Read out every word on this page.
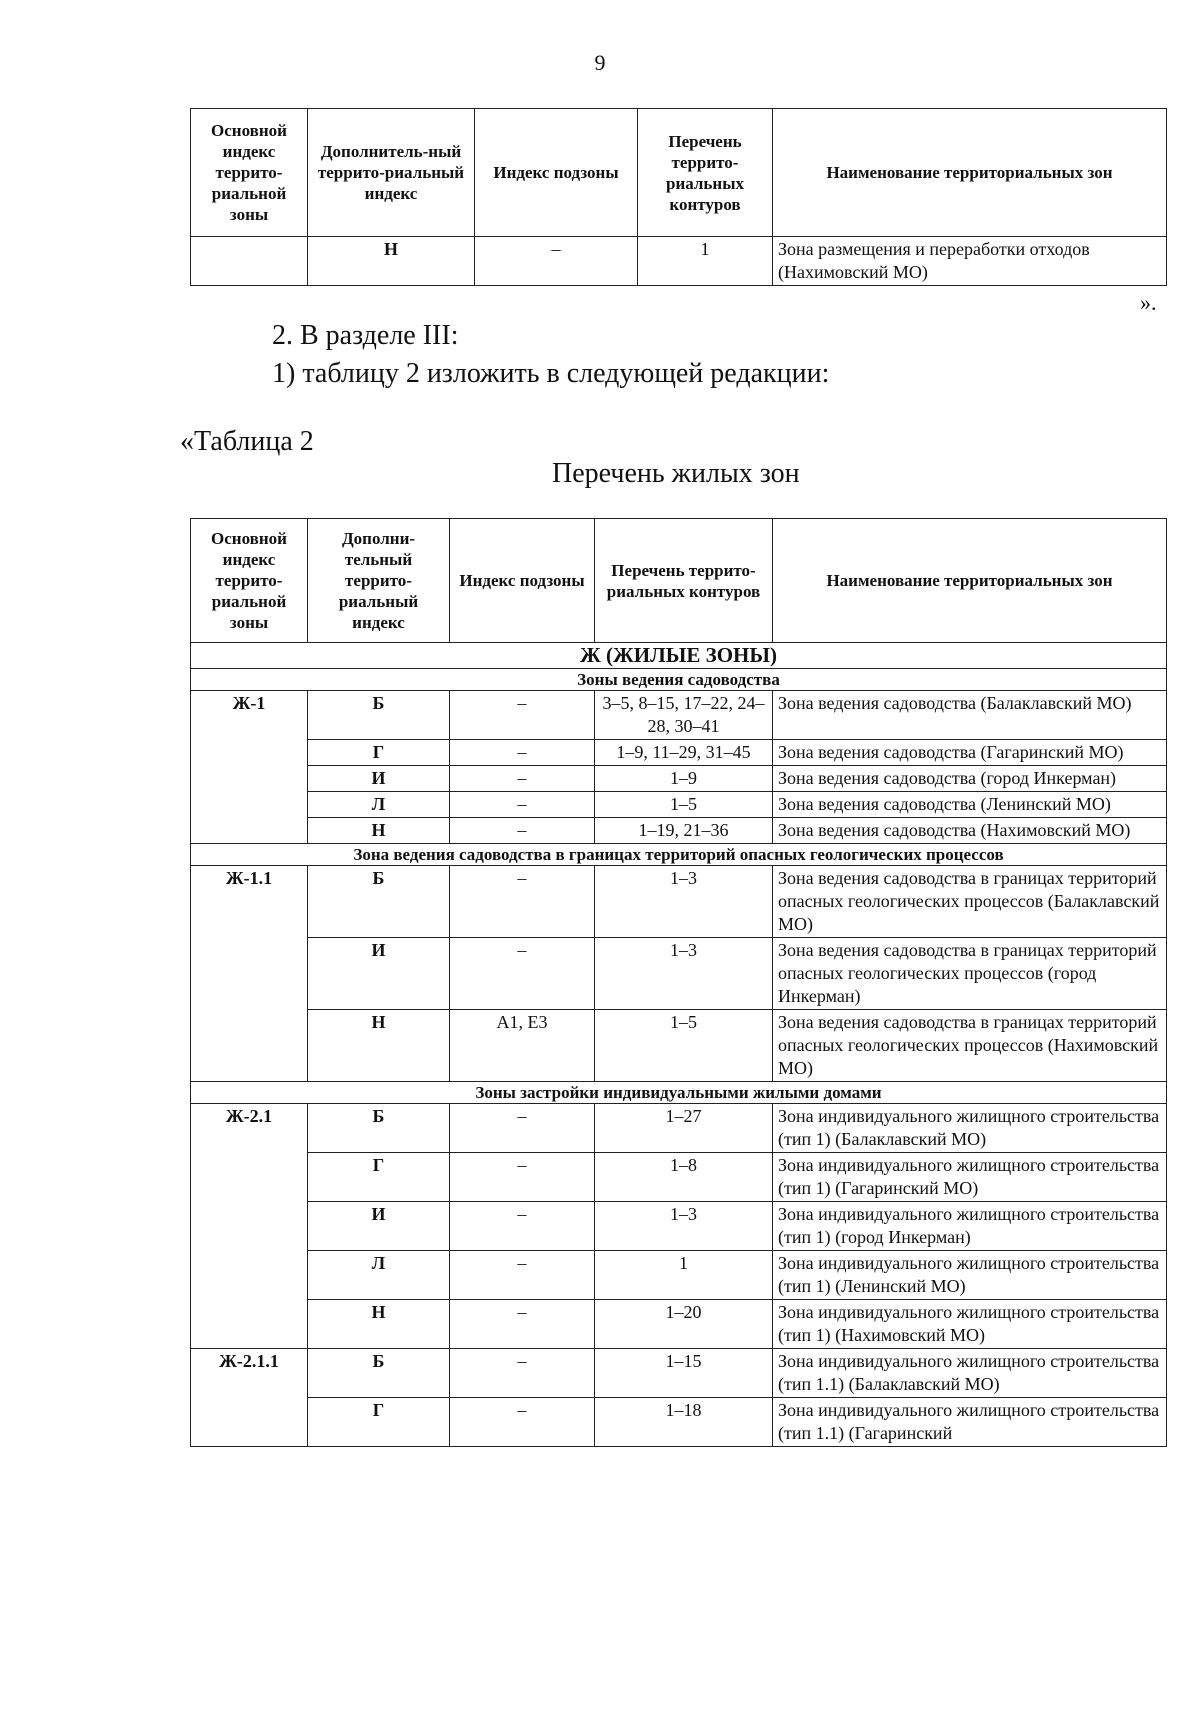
9
Основной индекс террито-риальной зоны	Дополнитель-ный террито-риальный индекс	Индекс подзоны	Перечень террито-риальных контуров	Наименование территориальных зон
	Н	–	1	Зона размещения и переработки отходов (Нахимовский МО)
».
2. В разделе III:
1) таблицу 2 изложить в следующей редакции:
«Таблица 2
Перечень жилых зон
Основной индекс террито-риальной зоны	Дополни-тельный террито-риальный индекс	Индекс подзоны	Перечень террито-риальных контуров	Наименование территориальных зон
Ж (ЖИЛЫЕ ЗОНЫ)				
Зоны ведения садоводства				
Ж-1	Б	–	3–5, 8–15, 17–22, 24–28, 30–41	Зона ведения садоводства (Балаклавский МО)
	Г	–	1–9, 11–29, 31–45	Зона ведения садоводства (Гагаринский МО)
	И	–	1–9	Зона ведения садоводства (город Инкерман)
	Л	–	1–5	Зона ведения садоводства (Ленинский МО)
	Н	–	1–19, 21–36	Зона ведения садоводства (Нахимовский МО)
Зона ведения садоводства в границах территорий опасных геологических процессов				
Ж-1.1	Б	–	1–3	Зона ведения садоводства в границах территорий опасных геологических процессов (Балаклавский МО)
	И	–	1–3	Зона ведения садоводства в границах территорий опасных геологических процессов (город Инкерман)
	Н	А1, Е3	1–5	Зона ведения садоводства в границах территорий опасных геологических процессов (Нахимовский МО)
Зоны застройки индивидуальными жилыми домами				
Ж-2.1	Б	–	1–27	Зона индивидуального жилищного строительства (тип 1) (Балаклавский МО)
	Г	–	1–8	Зона индивидуального жилищного строительства (тип 1) (Гагаринский МО)
	И	–	1–3	Зона индивидуального жилищного строительства (тип 1) (город Инкерман)
	Л	–	1	Зона индивидуального жилищного строительства (тип 1) (Ленинский МО)
	Н	–	1–20	Зона индивидуального жилищного строительства (тип 1) (Нахимовский МО)
Ж-2.1.1	Б	–	1–15	Зона индивидуального жилищного строительства (тип 1.1) (Балаклавский МО)
	Г	–	1–18	Зона индивидуального жилищного строительства (тип 1.1) (Гагаринский
